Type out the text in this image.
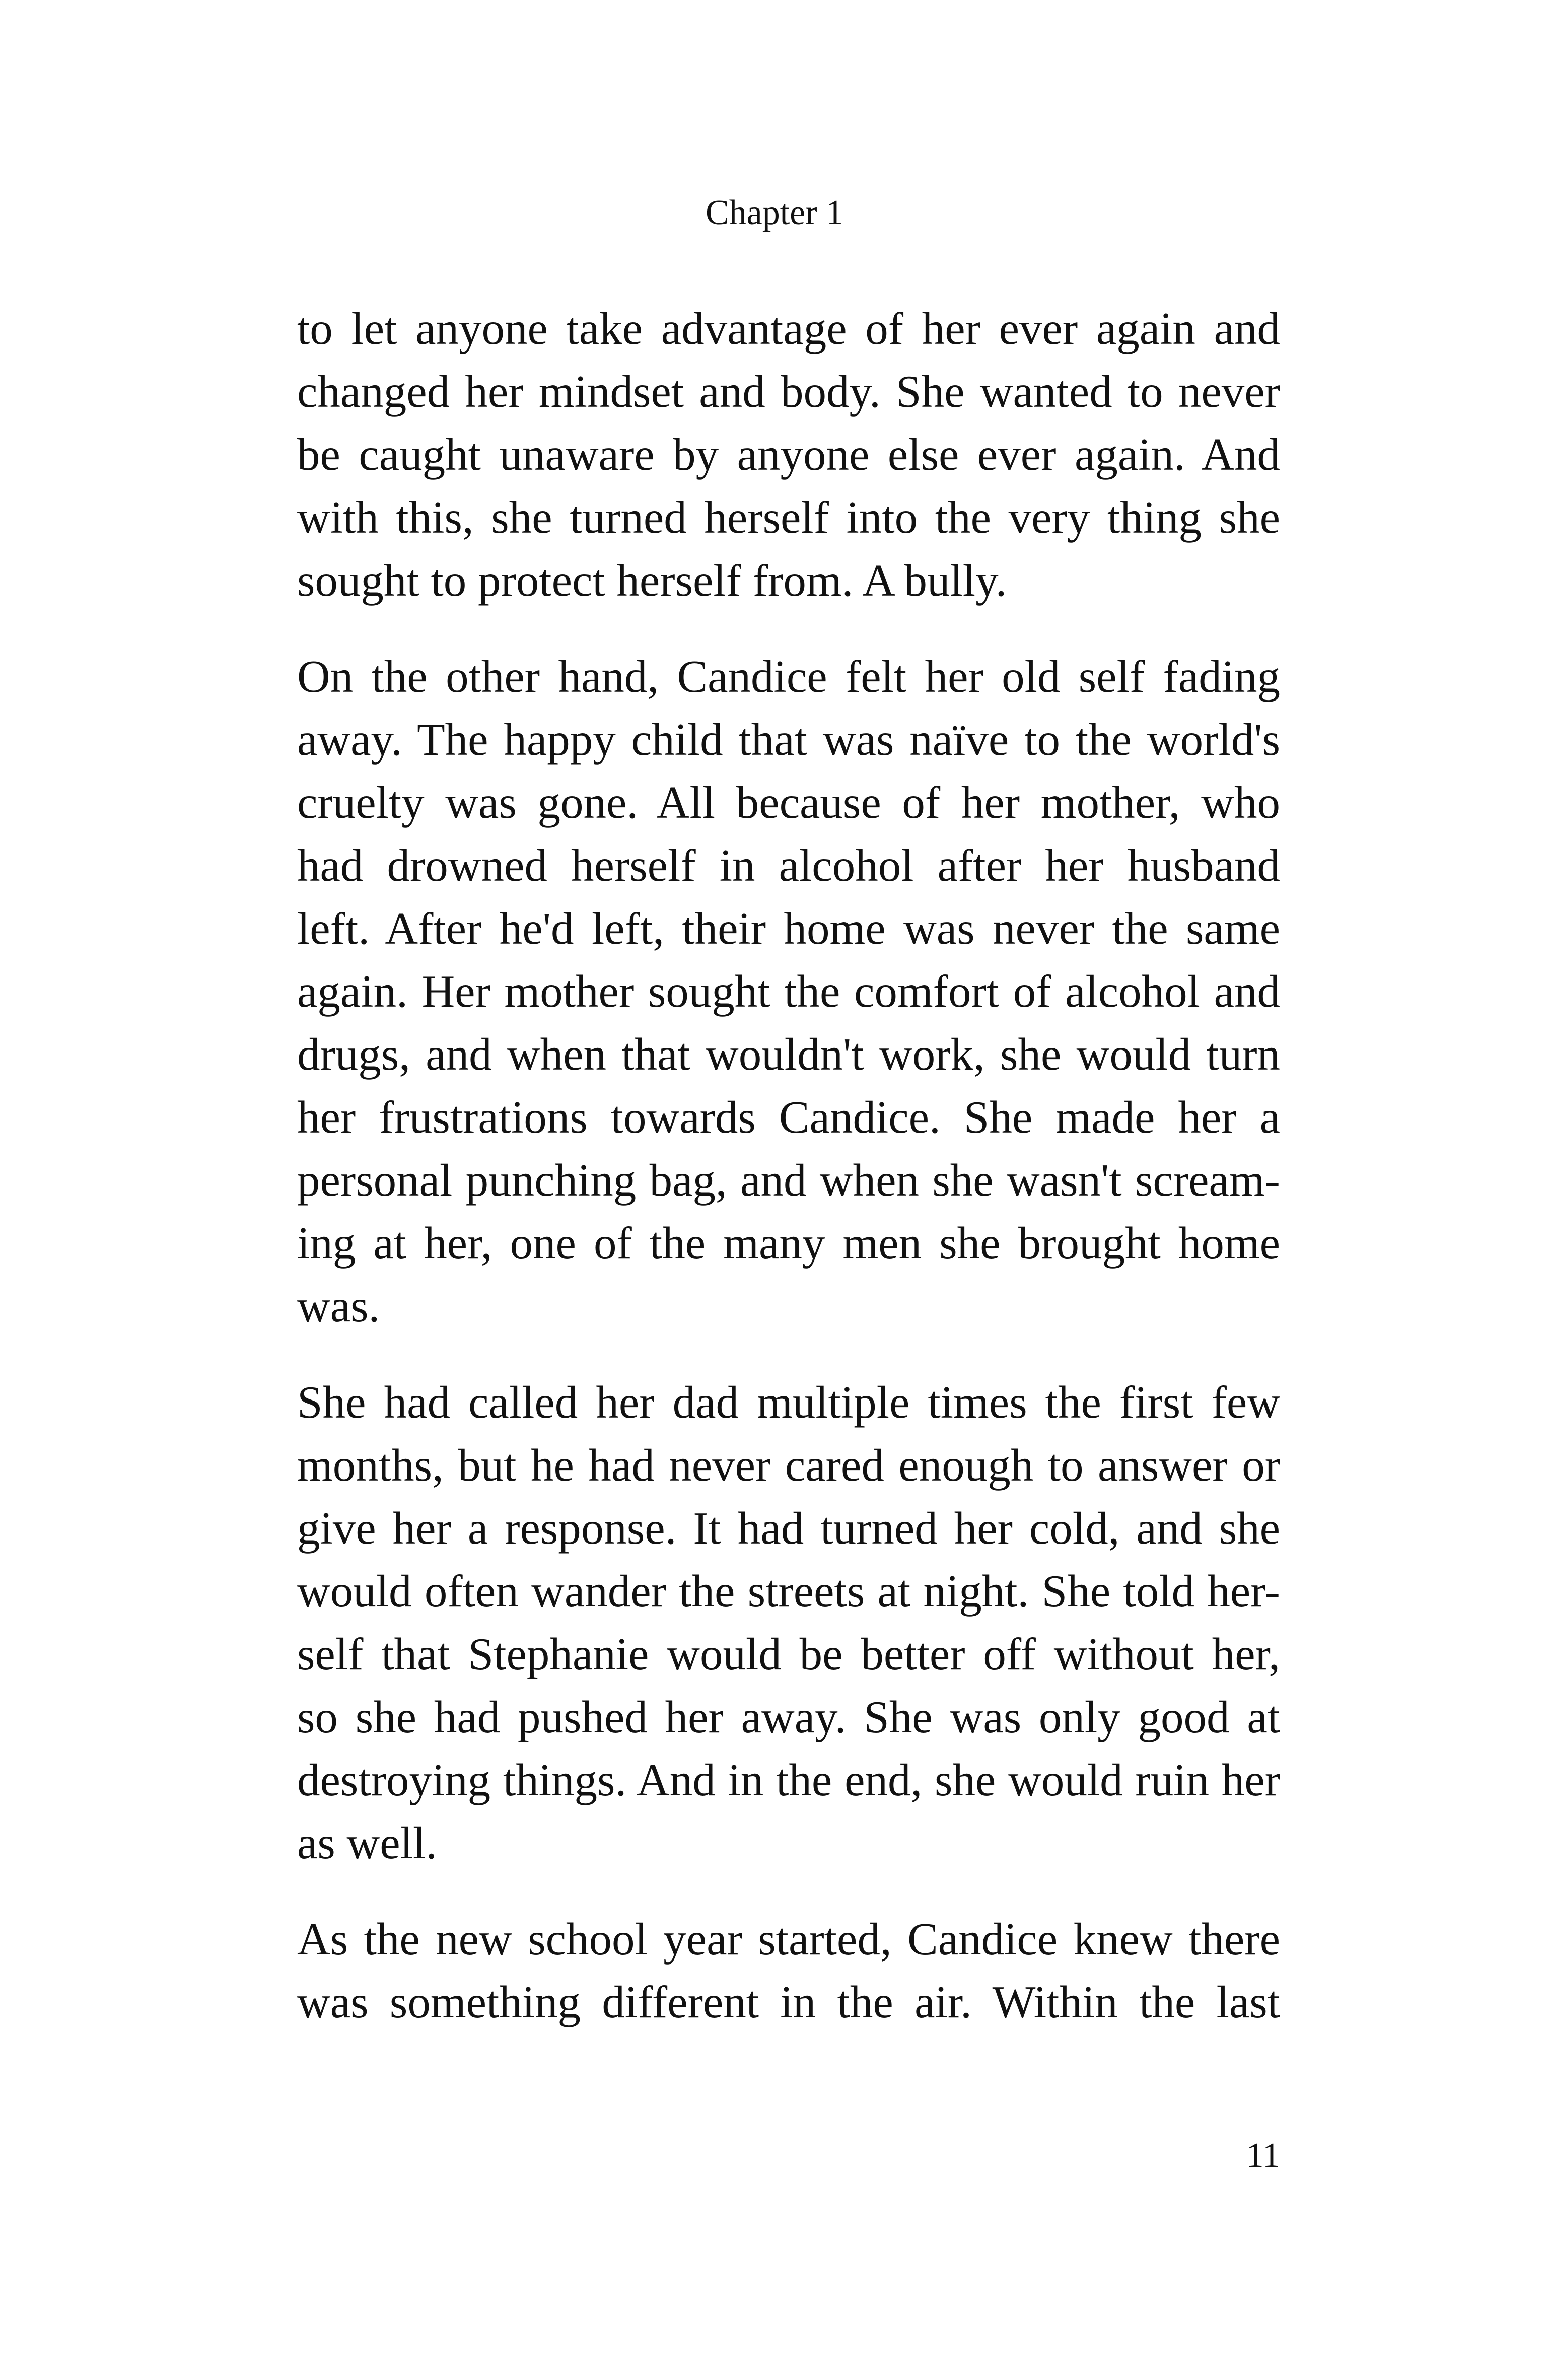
Chapter 1
to let anyone take advantage of her ever again and
changed her mindset and body. She wanted to never
be caught unaware by anyone else ever again. And
with this, she turned herself into the very thing she
sought to protect herself from. A bully.
On the other hand, Candice felt her old self fading
away. The happy child that was naïve to the world's
cruelty was gone. All because of her mother, who
had drowned herself in alcohol after her husband
left. After he'd left, their home was never the same
again. Her mother sought the comfort of alcohol and
drugs, and when that wouldn't work, she would turn
her frustrations towards Candice. She made her a
personal punching bag, and when she wasn't scream-
ing at her, one of the many men she brought home
was.
She had called her dad multiple times the first few
months, but he had never cared enough to answer or
give her a response. It had turned her cold, and she
would often wander the streets at night. She told her-
self that Stephanie would be better off without her,
so she had pushed her away. She was only good at
destroying things. And in the end, she would ruin her
as well.
As the new school year started, Candice knew there
was something different in the air. Within the last
11
